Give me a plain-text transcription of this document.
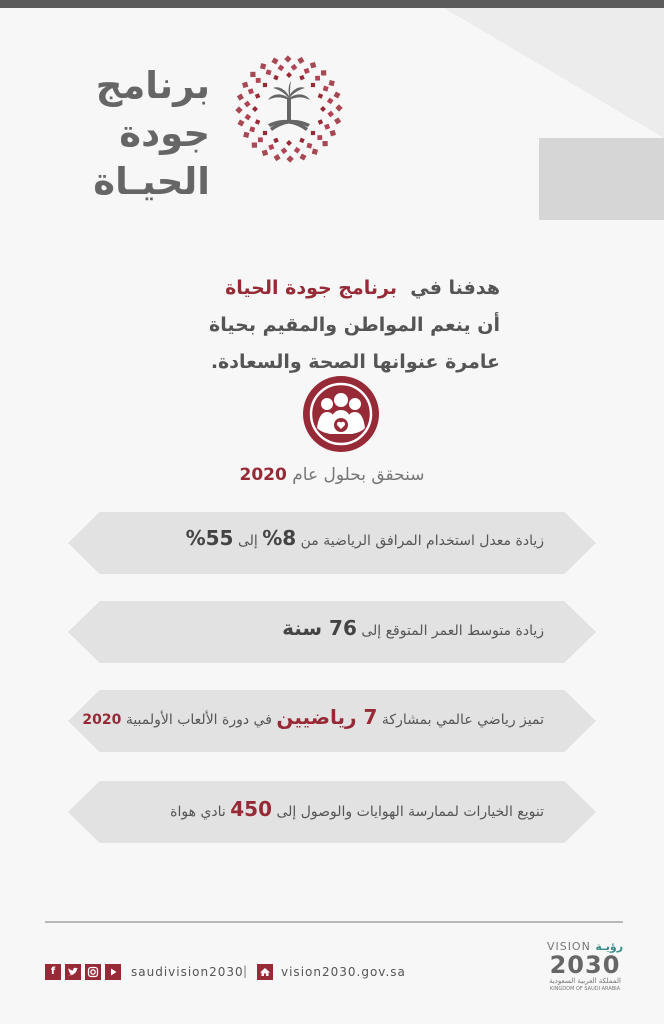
برنامج جودة
الحيـاة
هدفنا في  برنامج جودة الحياة
أن ينعم المواطن والمقيم بحياة
عامرة عنوانها الصحة والسعادة.
سنحقق بحلول عام 2020
زيادة معدل استخدام المرافق الرياضية من 8% إلى 55%
زيادة متوسط العمر المتوقع إلى 76 سنة
تميز رياضي عالمي بمشاركة 7 رياضيين في دورة الألعاب الأولمبية 2020
تنويع الخيارات لممارسة الهوايات والوصول إلى 450 نادي هواة
f	saudivision2030 |	vision2030.gov.sa
VISION رؤيـة
2030
المملكة العربية السعودية
KINGDOM OF SAUDI ARABIA
